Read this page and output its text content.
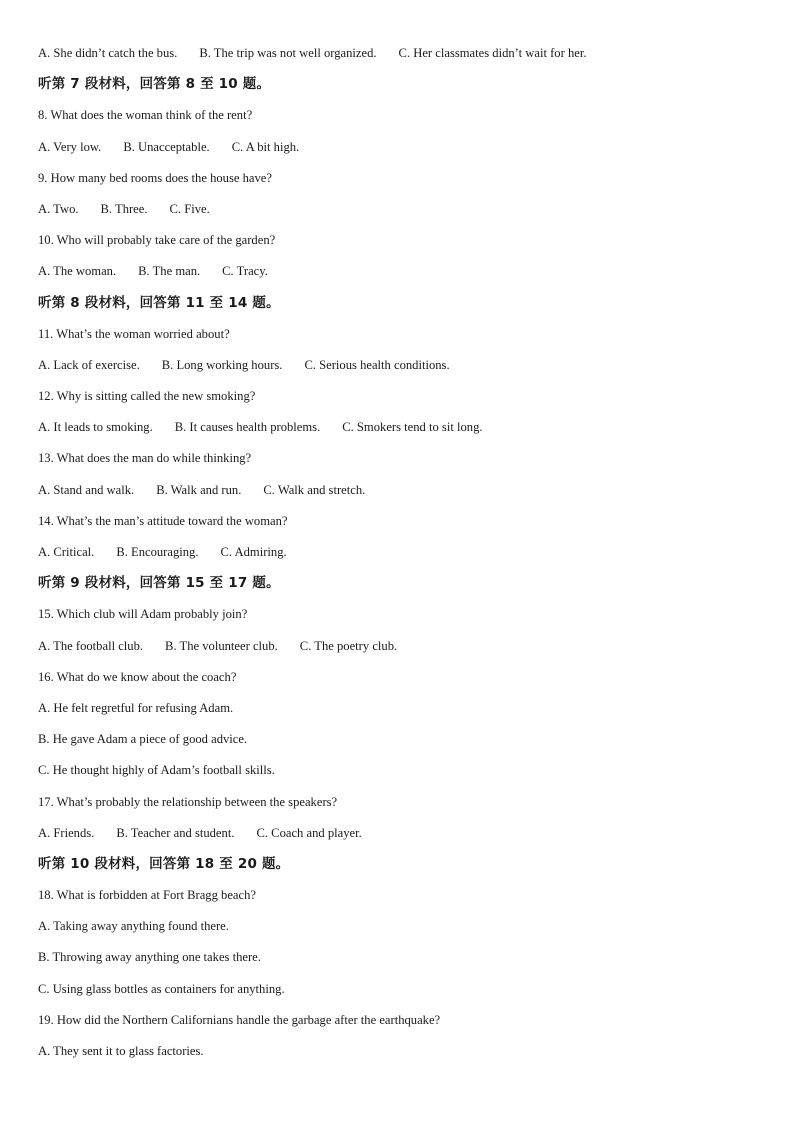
A. She didn’t catch the bus. B. The trip was not well organized. C. Her classmates didn’t wait for her.
听第 7 段材料，回答第 8 至 10 题。
8. What does the woman think of the rent?
A. Very low. B. Unacceptable. C. A bit high.
9. How many bed rooms does the house have?
A. Two. B. Three. C. Five.
10. Who will probably take care of the garden?
A. The woman. B. The man. C. Tracy.
听第 8 段材料，回答第 11 至 14 题。
11. What’s the woman worried about?
A. Lack of exercise. B. Long working hours. C. Serious health conditions.
12. Why is sitting called the new smoking?
A. It leads to smoking. B. It causes health problems. C. Smokers tend to sit long.
13. What does the man do while thinking?
A. Stand and walk. B. Walk and run. C. Walk and stretch.
14. What’s the man’s attitude toward the woman?
A. Critical. B. Encouraging. C. Admiring.
听第 9 段材料，回答第 15 至 17 题。
15. Which club will Adam probably join?
A. The football club. B. The volunteer club. C. The poetry club.
16. What do we know about the coach?
A. He felt regretful for refusing Adam.
B. He gave Adam a piece of good advice.
C. He thought highly of Adam’s football skills.
17. What’s probably the relationship between the speakers?
A. Friends. B. Teacher and student. C. Coach and player.
听第 10 段材料，回答第 18 至 20 题。
18. What is forbidden at Fort Bragg beach?
A. Taking away anything found there.
B. Throwing away anything one takes there.
C. Using glass bottles as containers for anything.
19. How did the Northern Californians handle the garbage after the earthquake?
A. They sent it to glass factories.
